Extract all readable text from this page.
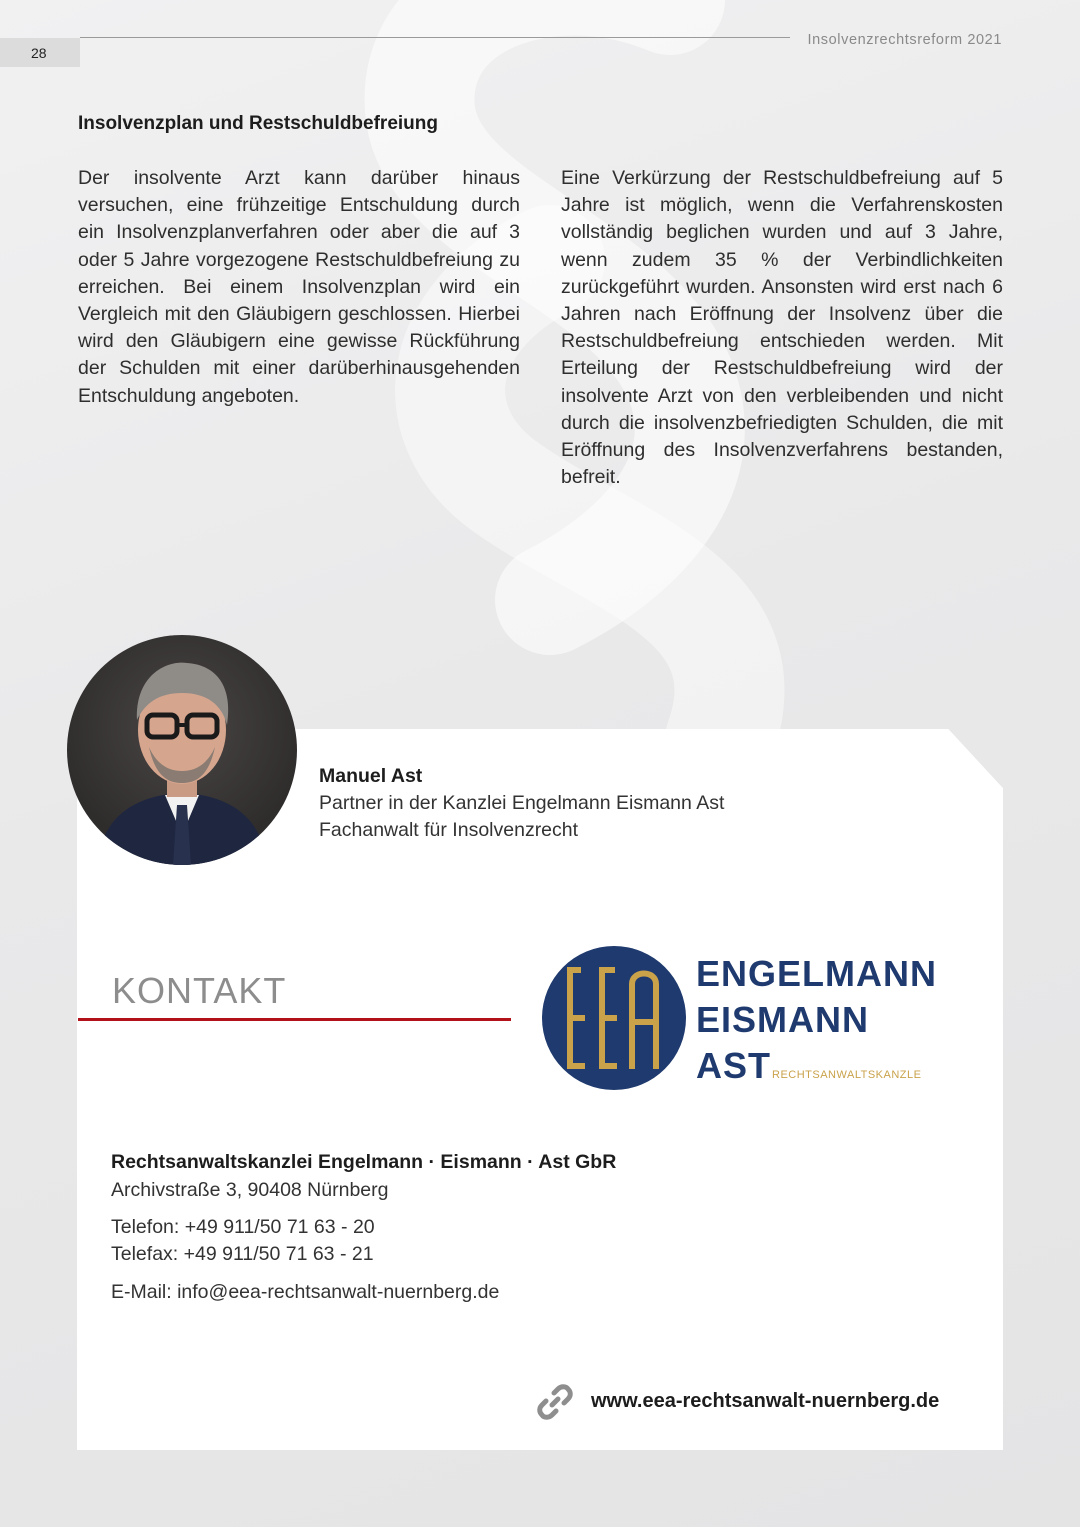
28
Insolvenzrechtsreform 2021
Insolvenzplan und Restschuldbefreiung

Der insolvente Arzt kann darüber hinaus versuchen, eine frühzeitige Entschuldung durch ein Insolvenzplanverfahren oder aber die auf 3 oder 5 Jahre vorgezogene Restschuldbefreiung zu erreichen. Bei einem Insolvenzplan wird ein Vergleich mit den Gläubigern geschlossen. Hierbei wird den Gläubigern eine gewisse Rückführung der Schulden mit einer darüberhinausgehenden Entschuldung angeboten.

Eine Verkürzung der Restschuldbefreiung auf 5 Jahre ist möglich, wenn die Verfahrenskosten vollständig beglichen wurden und auf 3 Jahre, wenn zudem 35 % der Verbindlichkeiten zurückgeführt wurden. Ansonsten wird erst nach 6 Jahren nach Eröffnung der Insolvenz über die Restschuldbefreiung entschieden werden. Mit Erteilung der Restschuldbefreiung wird der insolvente Arzt von den verbleibenden und nicht durch die insolvenzbefriedigten Schulden, die mit Eröffnung des Insolvenzverfahrens bestanden, befreit.

Manuel Ast
Partner in der Kanzlei Engelmann Eismann Ast
Fachanwalt für Insolvenzrecht
KONTAKT	ENGELMANN
EISMANN
AST RECHTSANWALTSKANZLE
Rechtsanwaltskanzlei Engelmann · Eismann · Ast GbR
Archivstraße 3, 90408 Nürnberg
Telefon: +49 911/50 71 63 - 20
Telefax: +49 911/50 71 63 - 21
E-Mail: info@eea-rechtsanwalt-nuernberg.de
www.eea-rechtsanwalt-nuernberg.de
